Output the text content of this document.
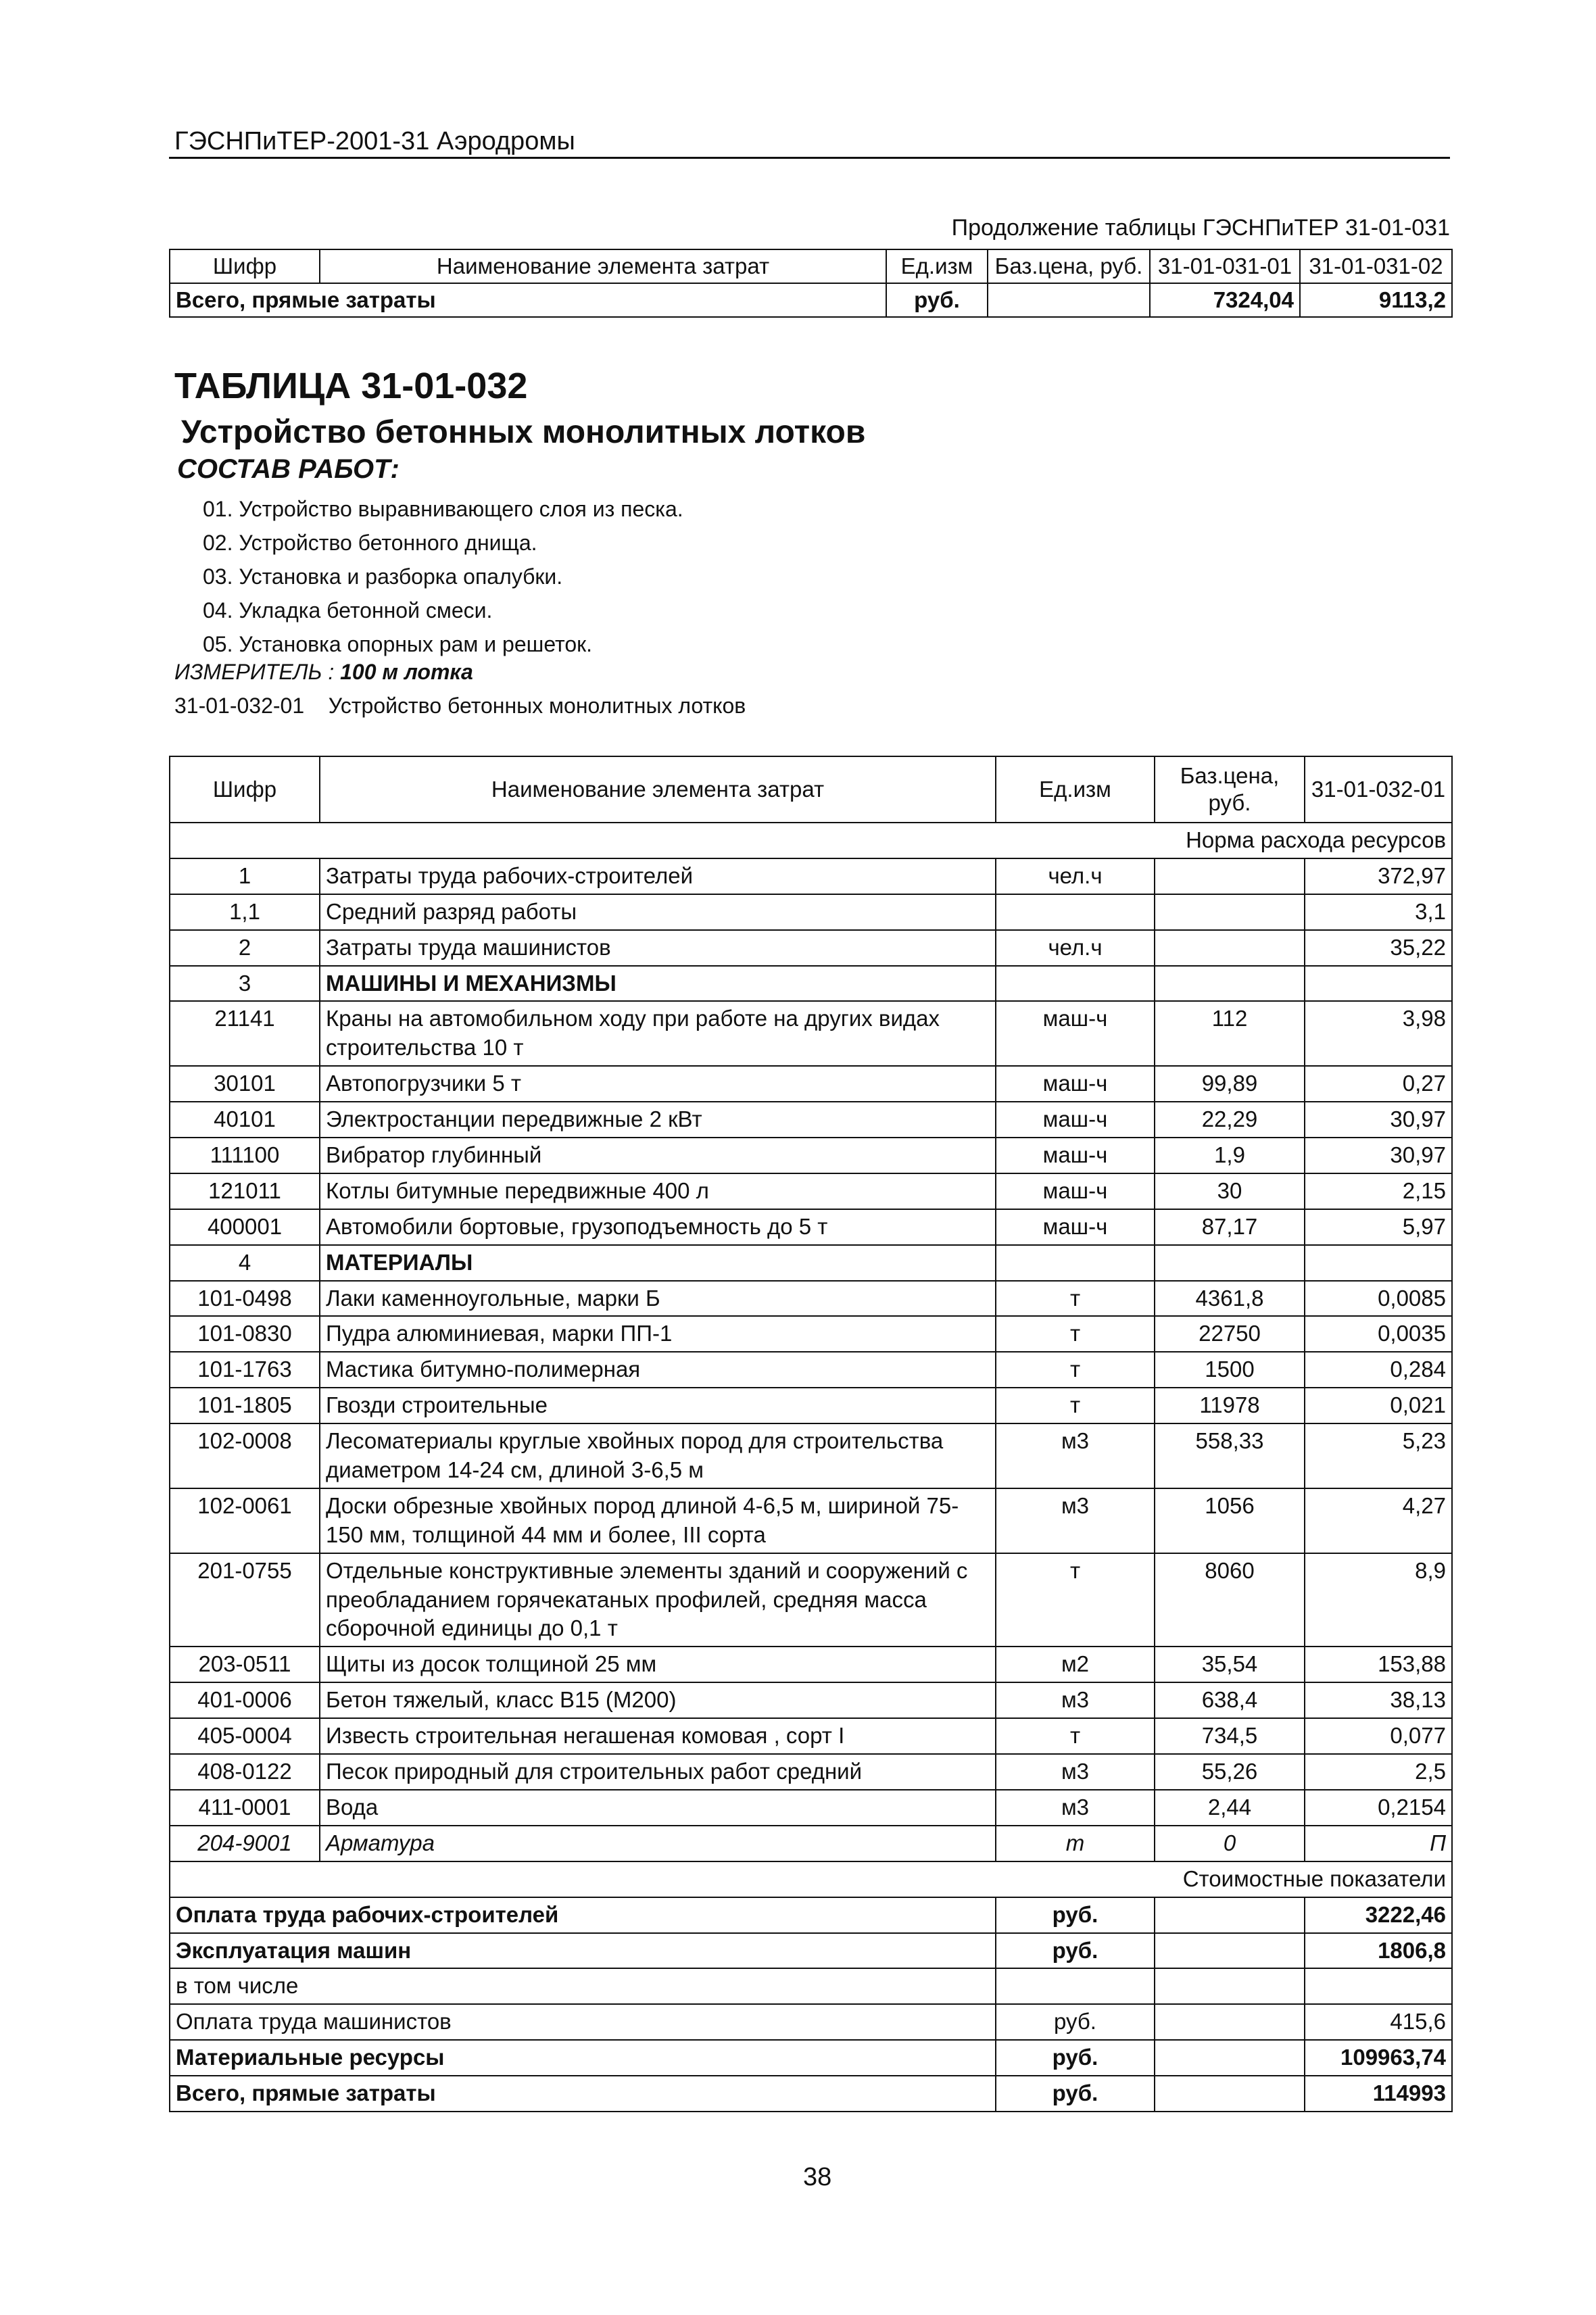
ГЭСНПиТЕР-2001-31 Аэродромы
Продолжение таблицы ГЭСНПиТЕР 31-01-031
Шифр	Наименование элемента затрат	Ед.изм	Баз.цена, руб.	31-01-031-01	31-01-031-02
Всего, прямые затраты		руб.		7324,04	9113,2
ТАБЛИЦА 31-01-032
Устройство бетонных монолитных лотков
СОСТАВ РАБОТ:
01. Устройство выравнивающего слоя из песка.
02. Устройство бетонного днища.
03. Установка и разборка опалубки.
04. Укладка бетонной смеси.
05. Установка опорных рам и решеток.
ИЗМЕРИТЕЛЬ : 100 м лотка
31-01-032-01 Устройство бетонных монолитных лотков
Шифр	Наименование элемента затрат	Ед.изм	Баз.цена, руб.	31-01-032-01
Норма расхода ресурсов				
1	Затраты труда рабочих-строителей	чел.ч		372,97
1,1	Средний разряд работы			3,1
2	Затраты труда машинистов	чел.ч		35,22
3	МАШИНЫ И МЕХАНИЗМЫ			
21141	Краны на автомобильном ходу при работе на других видах строительства 10 т	маш-ч	112	3,98
30101	Автопогрузчики 5 т	маш-ч	99,89	0,27
40101	Электростанции передвижные 2 кВт	маш-ч	22,29	30,97
111100	Вибратор глубинный	маш-ч	1,9	30,97
121011	Котлы битумные передвижные 400 л	маш-ч	30	2,15
400001	Автомобили бортовые, грузоподъемность до 5 т	маш-ч	87,17	5,97
4	МАТЕРИАЛЫ			
101-0498	Лаки каменноугольные, марки Б	т	4361,8	0,0085
101-0830	Пудра алюминиевая, марки ПП-1	т	22750	0,0035
101-1763	Мастика битумно-полимерная	т	1500	0,284
101-1805	Гвозди строительные	т	11978	0,021
102-0008	Лесоматериалы круглые хвойных пород для строительства диаметром 14-24 см, длиной 3-6,5 м	м3	558,33	5,23
102-0061	Доски обрезные хвойных пород длиной 4-6,5 м, шириной 75-150 мм, толщиной 44 мм и более, III сорта	м3	1056	4,27
201-0755	Отдельные конструктивные элементы зданий и сооружений с преобладанием горячекатаных профилей, средняя масса сборочной единицы до 0,1 т	т	8060	8,9
203-0511	Щиты из досок толщиной 25 мм	м2	35,54	153,88
401-0006	Бетон тяжелый, класс В15 (М200)	м3	638,4	38,13
405-0004	Известь строительная негашеная комовая , сорт I	т	734,5	0,077
408-0122	Песок природный для строительных работ средний	м3	55,26	2,5
411-0001	Вода	м3	2,44	0,2154
204-9001	Арматура	т	0	П
Стоимостные показатели				
Оплата труда рабочих-строителей		руб.		3222,46
Эксплуатация машин		руб.		1806,8
в том числе				
Оплата труда машинистов		руб.		415,6
Материальные ресурсы		руб.		109963,74
Всего, прямые затраты		руб.		114993
38
